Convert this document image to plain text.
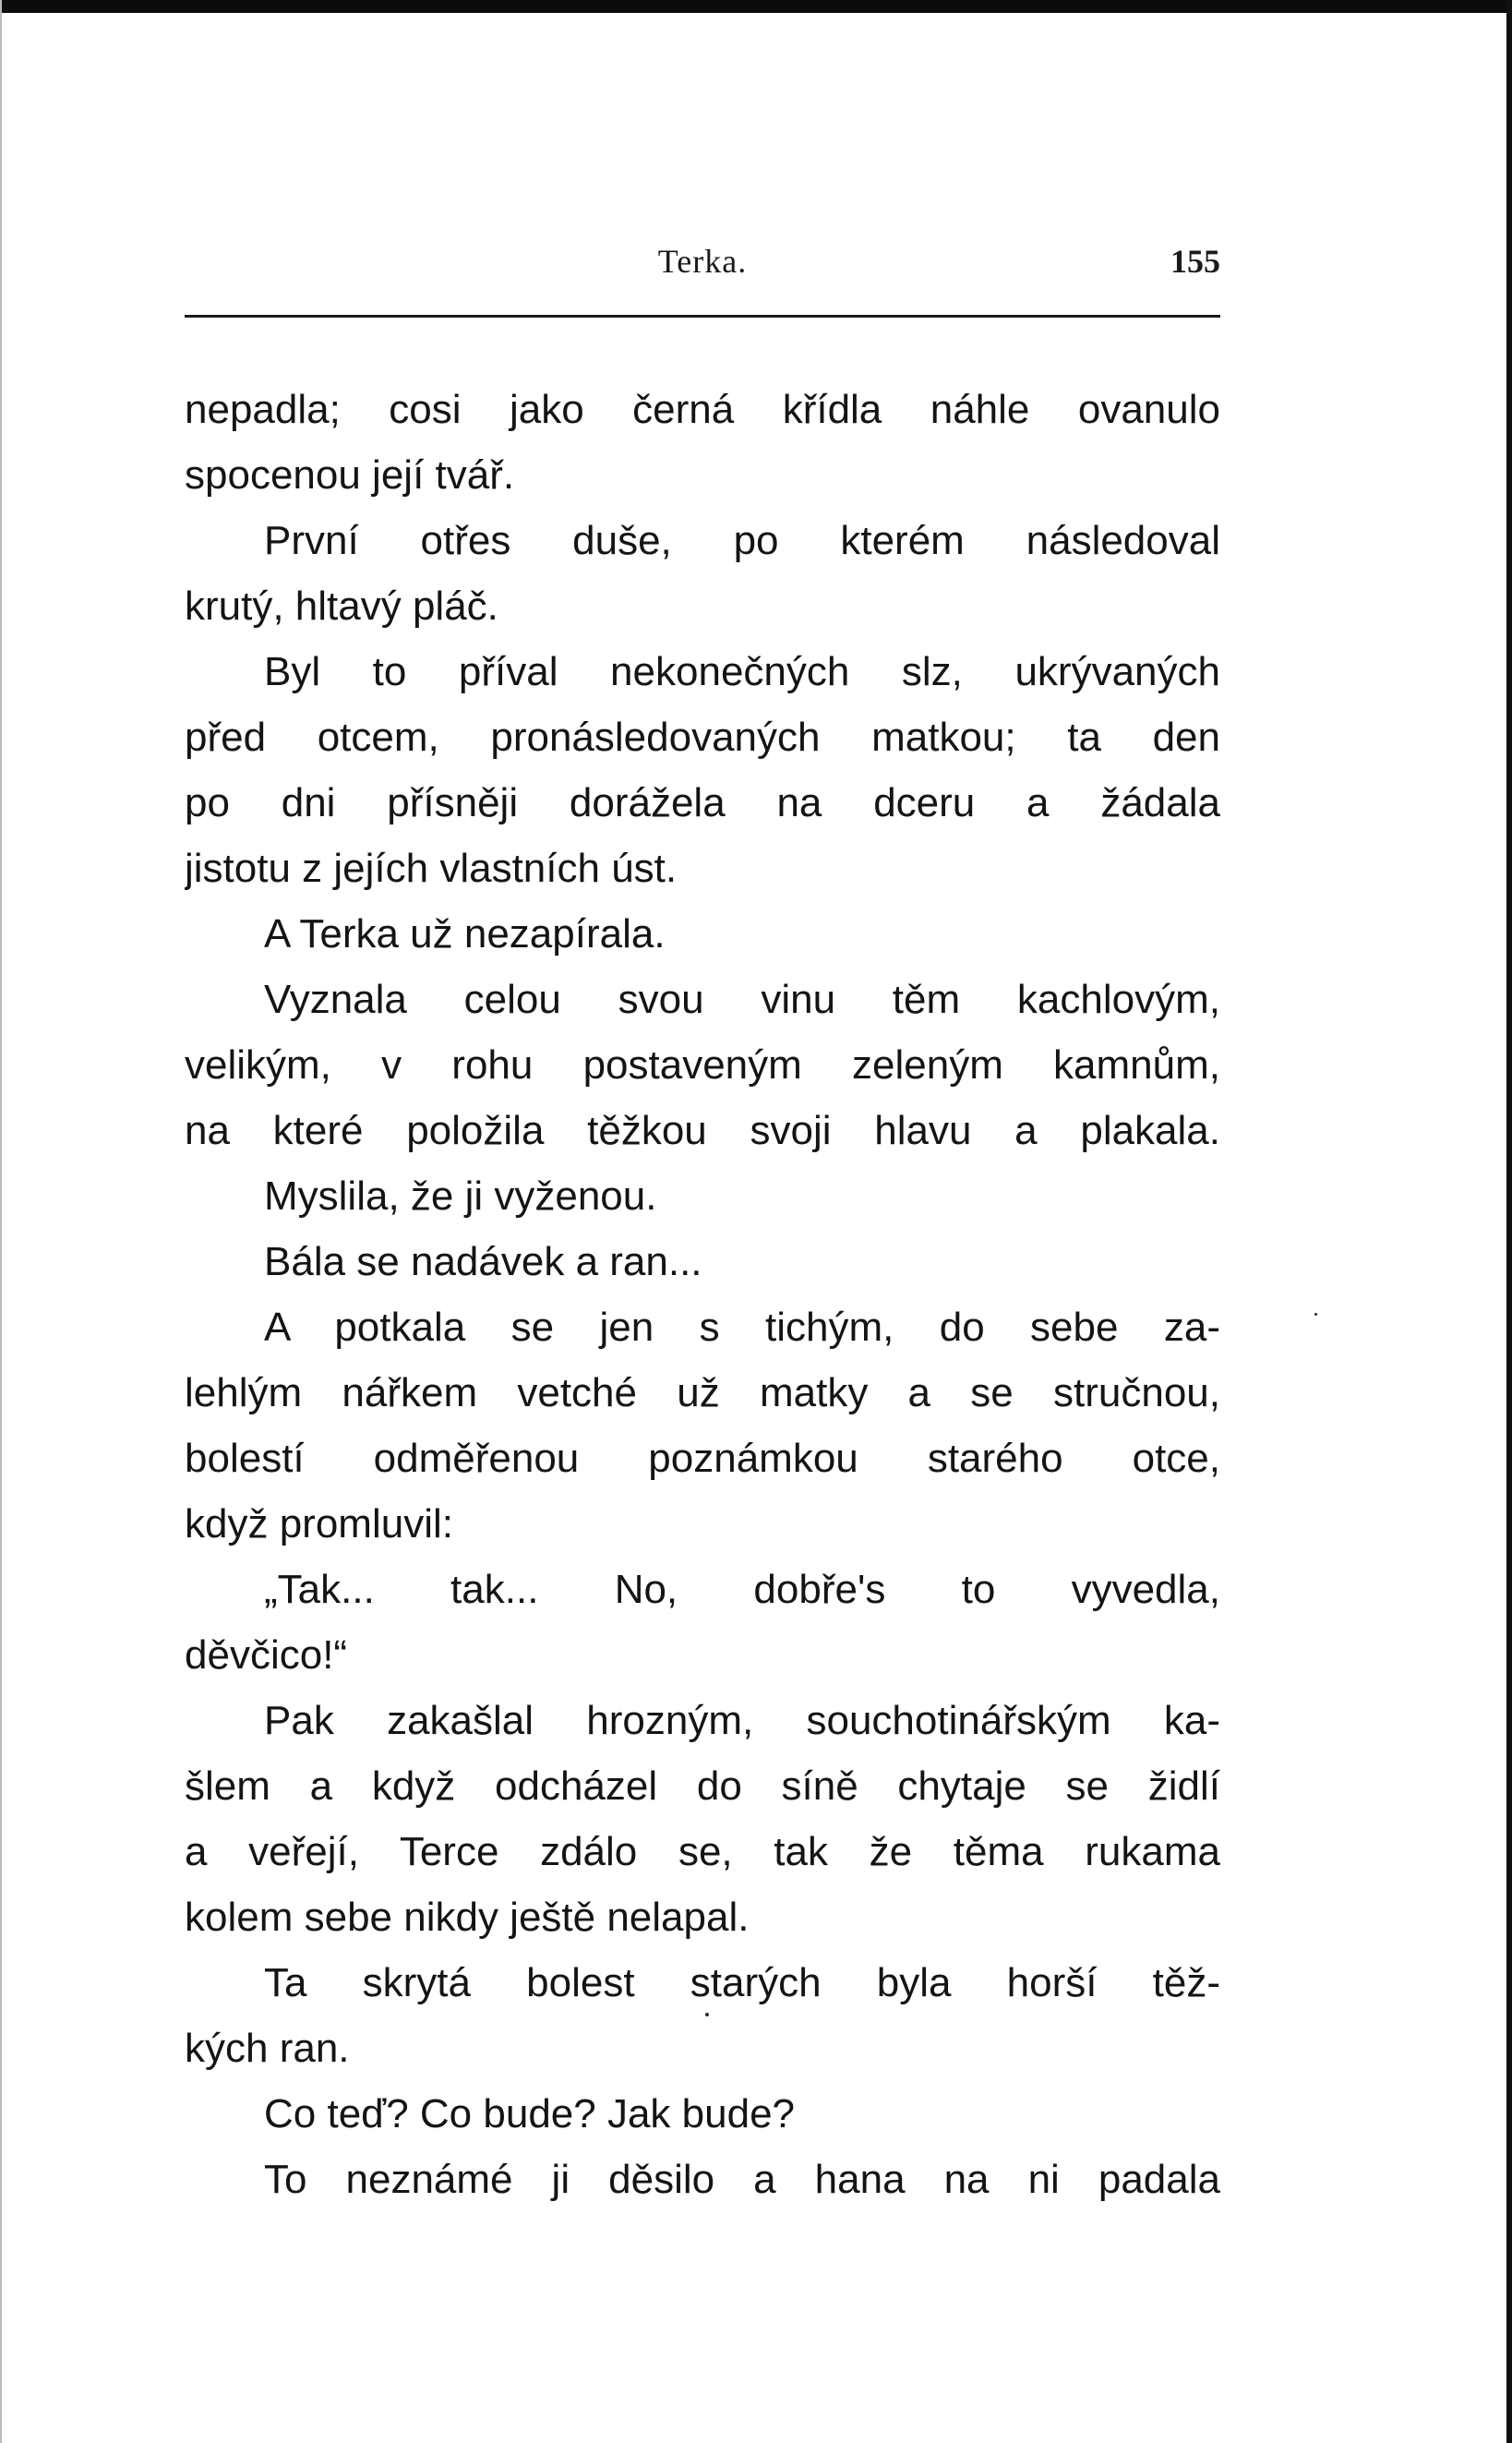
Terka.	155
nepadla; cosi jako černá křídla náhle ovanulo
spocenou její tvář.
První otřes duše, po kterém následoval
krutý, hltavý pláč.
Byl to příval nekonečných slz, ukrývaných
před otcem, pronásledovaných matkou; ta den
po dni přísněji dorážela na dceru a žádala
jistotu z jejích vlastních úst.
A Terka už nezapírala.
Vyznala celou svou vinu těm kachlovým,
velikým, v rohu postaveným zeleným kamnům,
na které položila těžkou svoji hlavu a plakala.
Myslila, že ji vyženou.
Bála se nadávek a ran...
A potkala se jen s tichým, do sebe za-
lehlým nářkem vetché už matky a se stručnou,
bolestí odměřenou poznámkou starého otce,
když promluvil:
„Tak... tak... No, dobře's to vyvedla,
děvčico!“
Pak zakašlal hrozným, souchotinářským ka-
šlem a když odcházel do síně chytaje se židlí
a veřejí, Terce zdálo se, tak že těma rukama
kolem sebe nikdy ještě nelapal.
Ta skrytá bolest starých byla horší těž-
kých ran.
Co teď? Co bude? Jak bude?
To neznámé ji děsilo a hana na ni padala
